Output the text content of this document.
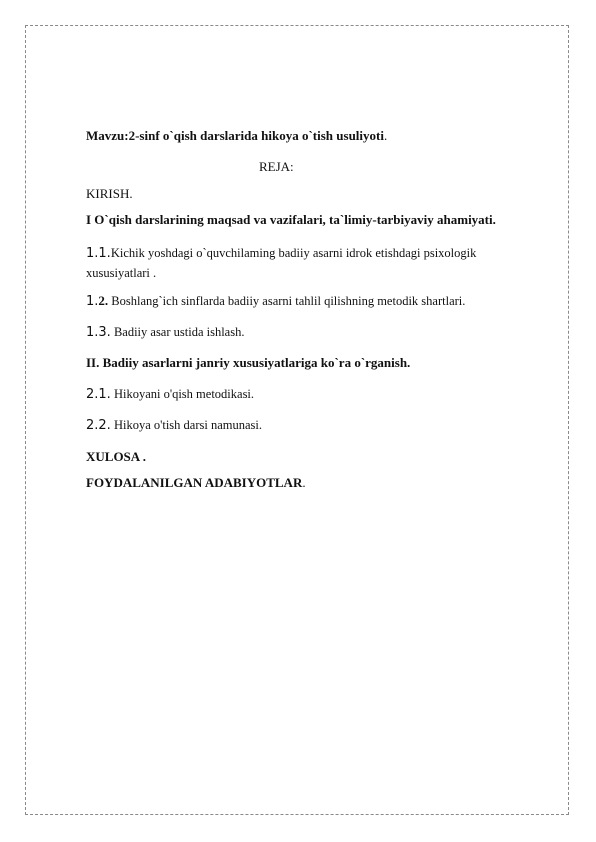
Mavzu:2-sinf o`qish darslarida hikoya o`tish usuliyoti.
REJA:
KIRISH.
I O`qish darslarining maqsad va vazifalari, ta`limiy-tarbiyaviy ahamiyati.
1.1.Kichik yoshdagi o`quvchilaming badiiy asarni idrok etishdagi psixologik xususiyatlari .
1.2. Boshlang`ich sinflarda badiiy asarni tahlil qilishning metodik shartlari.
1.3. Badiiy asar ustida ishlash.
II. Badiiy asarlarni janriy xususiyatlariga ko`ra o`rganish.
2.1. Hikoyani o'qish metodikasi.
2.2. Hikoya o'tish darsi namunasi.
XULOSA .
FOYDALANILGAN ADABIYOTLAR.
